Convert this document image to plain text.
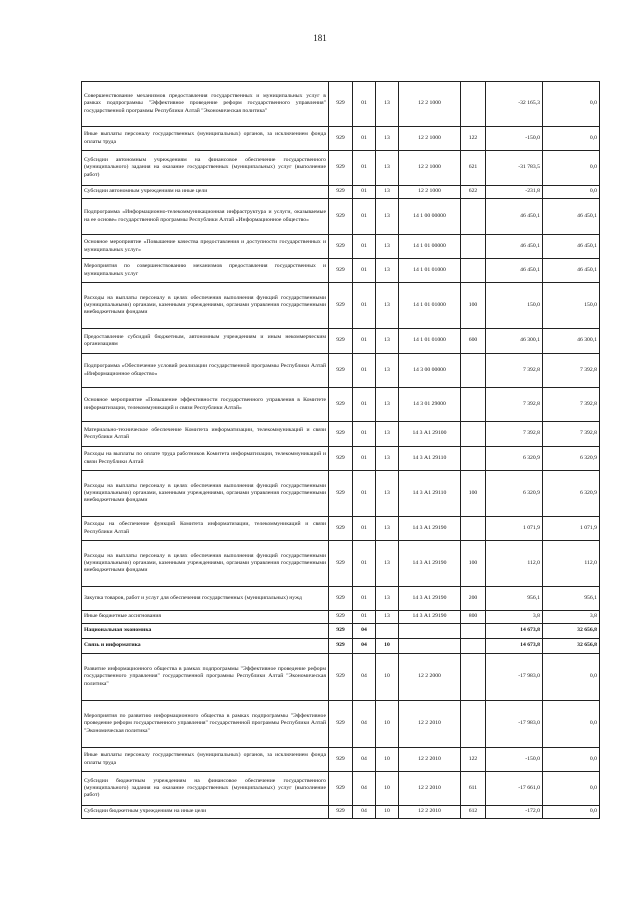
181
Совершенствование механизмов предоставления государственных и муниципальных услуг в рамках подпрограммы "Эффективное проведение реформ государственного управления" государственной программы Республики Алтай "Экономическая политика"	929	01	13	12 2 1000		-32 165,3	0,0
Иные выплаты персоналу государственных (муниципальных) органов, за исключением фонда оплаты труда	929	01	13	12 2 1000	122	-150,0	0,0
Субсидии автономным учреждениям на финансовое обеспечение государственного (муниципального) задания на оказание государственных (муниципальных) услуг (выполнение работ)	929	01	13	12 2 1000	621	-31 783,5	0,0
Субсидии автономным учреждениям на иные цели	929	01	13	12 2 1000	622	-231,8	0,0
Подпрограмма «Информационно-телекоммуникационная инфраструктура и услуги, оказываемые на ее основе» государственной программы Республики Алтай «Информационное общество»	929	01	13	14 1 00 00000		46 450,1	46 450,1
Основное мероприятие «Повышение качества предоставления и доступности государственных и муниципальных услуг»	929	01	13	14 1 01 00000		46 450,1	46 450,1
Мероприятия по совершенствованию механизмов предоставления государственных и муниципальных услуг	929	01	13	14 1 01 01000		46 450,1	46 450,1
Расходы на выплаты персоналу в целях обеспечения выполнения функций государственными (муниципальными) органами, казенными учреждениями, органами управления государственными внебюджетными фондами	929	01	13	14 1 01 01000	100	150,0	150,0
Предоставление субсидий бюджетным, автономным учреждениям и иным некоммерческим организациям	929	01	13	14 1 01 01000	600	46 300,1	46 300,1
Подпрограмма «Обеспечение условий реализации государственной программы Республики Алтай «Информационное общество»	929	01	13	14 3 00 00000		7 392,8	7 392,8
Основное мероприятие «Повышение эффективности государственного управления в Комитете информатизации, телекоммуникаций и связи Республики Алтай»	929	01	13	14 3 01 29000		7 392,8	7 392,8
Материально-техническое обеспечение Комитета информатизации, телекоммуникаций и связи Республики Алтай	929	01	13	14 3 А1 29100		7 392,8	7 392,8
Расходы на выплаты по оплате труда работников Комитета информатизации, телекоммуникаций и связи Республики Алтай	929	01	13	14 3 А1 29110		6 320,9	6 320,9
Расходы на выплаты персоналу в целях обеспечения выполнения функций государственными (муниципальными) органами, казенными учреждениями, органами управления государственными внебюджетными фондами	929	01	13	14 3 А1 29110	100	6 320,9	6 320,9
Расходы на обеспечение функций Комитета информатизации, телекоммуникаций и связи Республики Алтай	929	01	13	14 3 А1 29190		1 071,9	1 071,9
Расходы на выплаты персоналу в целях обеспечения выполнения функций государственными (муниципальными) органами, казенными учреждениями, органами управления государственными внебюджетными фондами	929	01	13	14 3 А1 29190	100	112,0	112,0
Закупка товаров, работ и услуг для обеспечения государственных (муниципальных) нужд	929	01	13	14 3 А1 29190	200	956,1	956,1
Иные бюджетные ассигнования	929	01	13	14 3 А1 29190	800	3,8	3,8
Национальная экономика	929	04				14 673,8	32 656,8
Связь и информатика	929	04	10			14 673,8	32 656,8
Развитие информационного общества в рамках подпрограммы "Эффективное проведение реформ государственного управления" государственной программы Республики Алтай "Экономическая политика"	929	04	10	12 2 2000		-17 983,0	0,0
Мероприятия по развитию информационного общества в рамках подпрограммы "Эффективное проведение реформ государственного управления" государственной программы Республики Алтай "Экономическая политика"	929	04	10	12 2 2010		-17 983,0	0,0
Иные выплаты персоналу государственных (муниципальных) органов, за исключением фонда оплаты труда	929	04	10	12 2 2010	122	-150,0	0,0
Субсидии бюджетным учреждениям на финансовое обеспечение государственного (муниципального) задания на оказание государственных (муниципальных) услуг (выполнение работ)	929	04	10	12 2 2010	611	-17 661,0	0,0
Субсидии бюджетным учреждениям на иные цели	929	04	10	12 2 2010	612	-172,0	0,0
